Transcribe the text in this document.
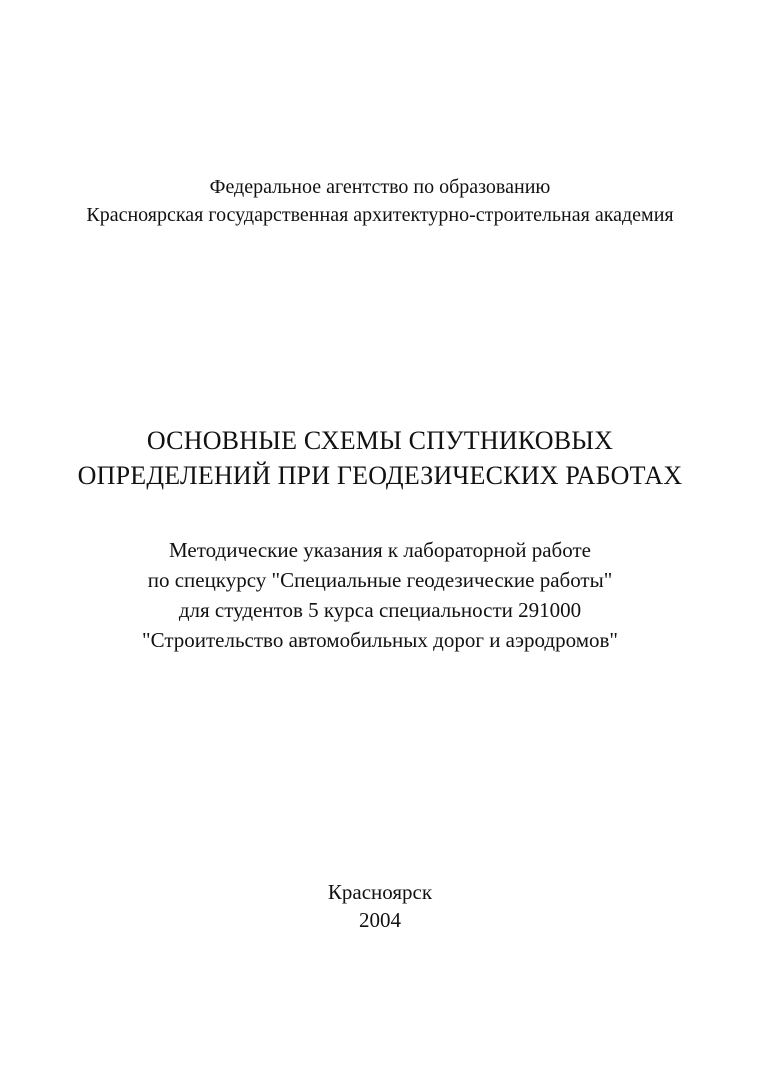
Федеральное агентство по образованию
Красноярская государственная архитектурно-строительная академия
ОСНОВНЫЕ СХЕМЫ СПУТНИКОВЫХ
ОПРЕДЕЛЕНИЙ ПРИ ГЕОДЕЗИЧЕСКИХ РАБОТАХ
Методические указания к лабораторной работе
по спецкурсу "Специальные геодезические работы"
для студентов 5 курса специальности 291000
"Строительство автомобильных дорог и аэродромов"
Красноярск
2004
